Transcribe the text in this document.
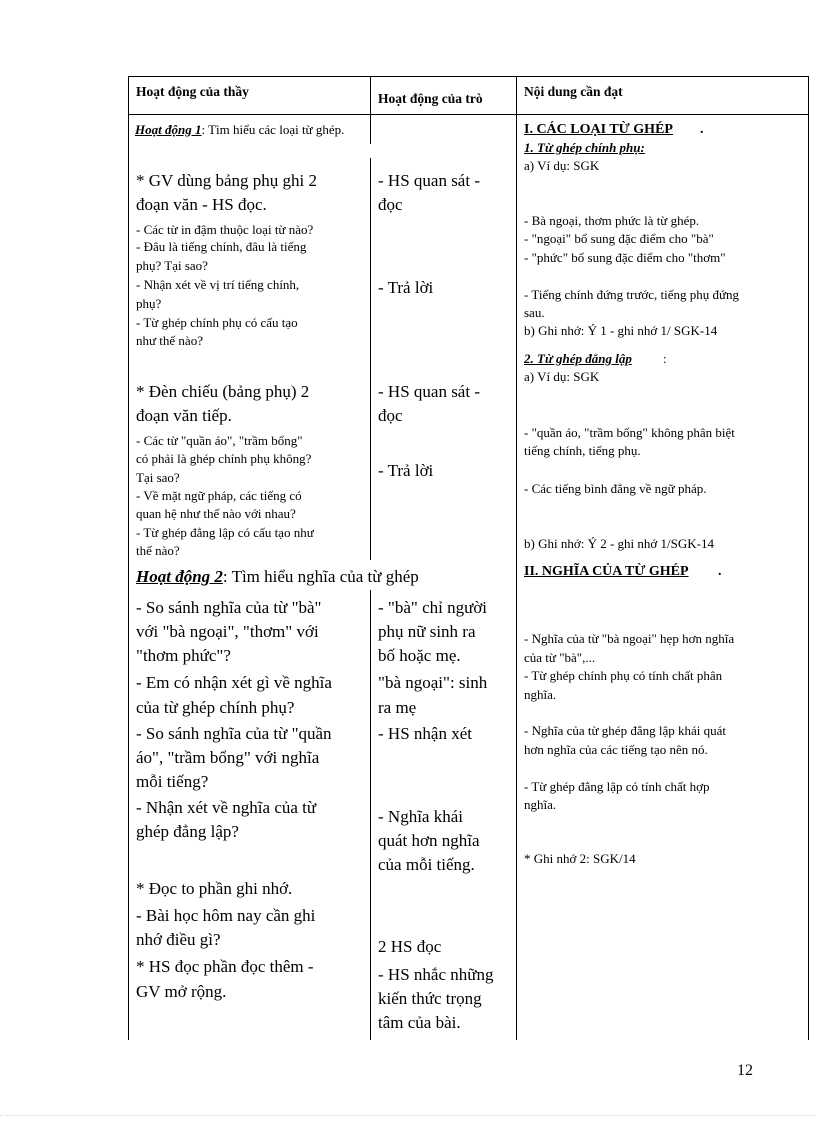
Hoạt động của thầy	Hoạt động của trò	Nội dung cần đạt
Hoạt động 1: Tìm hiểu các loại từ ghép.
* GV dùng bảng phụ ghi 2
đoạn văn - HS đọc.
- Các từ in đậm thuộc loại từ nào?
- Đâu là tiếng chính, đâu là tiếng
phụ? Tại sao?
- Nhận xét về vị trí tiếng chính,
phụ?
- Từ ghép chính phụ có cấu tạo
như thế nào?
* Đèn chiếu (bảng phụ) 2
đoạn văn tiếp.
- Các từ "quần áo", "trầm bổng"
có phải là ghép chính phụ không?
Tại sao?
- Về mặt ngữ pháp, các tiếng có
quan hệ như thế nào với nhau?
- Từ ghép đẳng lập có cấu tạo như
thế nào?
- HS quan sát -
đọc
- Trả lời
- HS quan sát -
đọc
- Trả lời
I. CÁC LOẠI TỪ GHÉP .
1. Từ ghép chính phụ:
a) Ví dụ: SGK
- Bà ngoại, thơm phức là từ ghép.
- "ngoại" bổ sung đặc điểm cho "bà"
- "phức" bổ sung đặc điểm cho "thơm"
- Tiếng chính đứng trước, tiếng phụ đứng
sau.
b) Ghi nhớ: Ý 1 - ghi nhớ 1/ SGK-14
2. Từ ghép đẳng lập :
a) Ví dụ: SGK
- "quần áo, "trầm bổng" không phân biệt
tiếng chính, tiếng phụ.
- Các tiếng bình đẳng về ngữ pháp.
b) Ghi nhớ: Ý 2 - ghi nhớ 1/SGK-14
II. NGHĨA CỦA TỪ GHÉP .
Hoạt động 2: Tìm hiểu nghĩa của từ ghép
- So sánh nghĩa của từ "bà"
với "bà ngoại", "thơm" với
"thơm phức"?
- Em có nhận xét gì về nghĩa
của từ ghép chính phụ?
- So sánh nghĩa của từ "quần
áo", "trầm bổng" với nghĩa
mỗi tiếng?
- Nhận xét về nghĩa của từ
ghép đẳng lập?
* Đọc to phần ghi nhớ.
- Bài học hôm nay cần ghi
nhớ điều gì?
* HS đọc phần đọc thêm -
GV mở rộng.
- "bà" chỉ người
phụ nữ sinh ra
bố hoặc mẹ.
"bà ngoại": sinh
ra mẹ
- HS nhận xét
- Nghĩa khái
quát hơn nghĩa
của mỗi tiếng.
2 HS đọc
- HS nhắc những
kiến thức trọng
tâm của bài.
- Nghĩa của từ "bà ngoại" hẹp hơn nghĩa
của từ "bà",...
- Từ ghép chính phụ có tính chất phân
nghĩa.
- Nghĩa của từ ghép đẳng lập khái quát
hơn nghĩa của các tiếng tạo nên nó.
- Từ ghép đẳng lập có tính chất hợp
nghĩa.
* Ghi nhớ 2: SGK/14
12
